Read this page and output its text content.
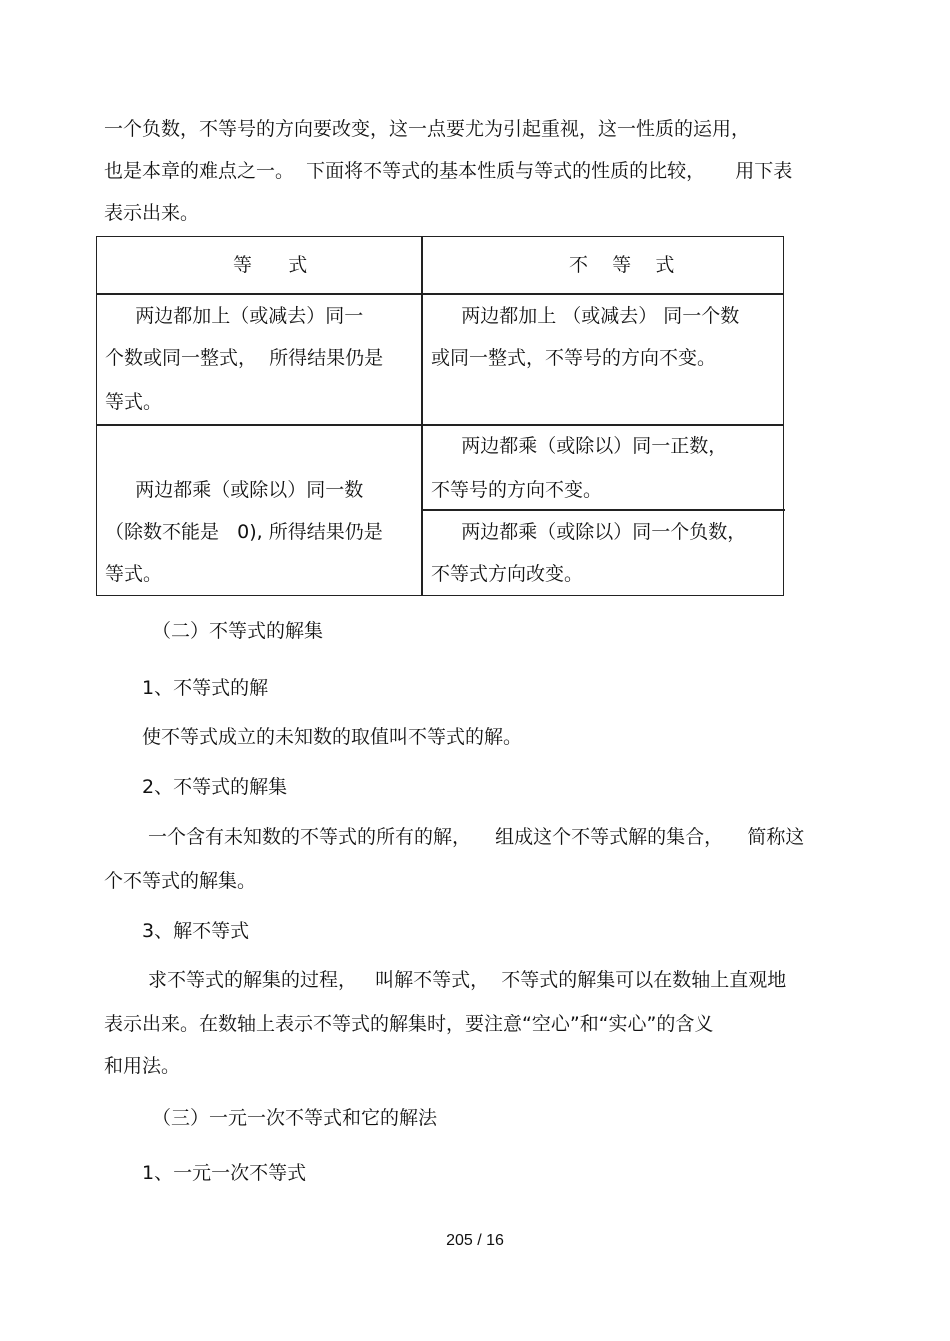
一个负数，不等号的方向要改变，这一点要尤为引起重视，这一性质的运用，
也是本章的难点之一。  下面将不等式的基本性质与等式的性质的比较，     用下表
表示出来。
等      式	不    等    式
两边都加上（或减去）同一
个数或同一整式，  所得结果仍是
等式。
两边都加上 （或减去） 同一个数
或同一整式，不等号的方向不变。
两边都乘（或除以）同一数
（除数不能是   0), 所得结果仍是
等式。
两边都乘（或除以）同一正数，
不等号的方向不变。
两边都乘（或除以）同一个负数，
不等式方向改变。
（二）不等式的解集
1、不等式的解
使不等式成立的未知数的取值叫不等式的解。
2、不等式的解集
一个含有未知数的不等式的所有的解，    组成这个不等式解的集合，    简称这
个不等式的解集。
3、解不等式
求不等式的解集的过程，   叫解不等式，  不等式的解集可以在数轴上直观地
表示出来。在数轴上表示不等式的解集时，要注意“空心”和“实心”的含义
和用法。
（三）一元一次不等式和它的解法
1、一元一次不等式
205 / 16
